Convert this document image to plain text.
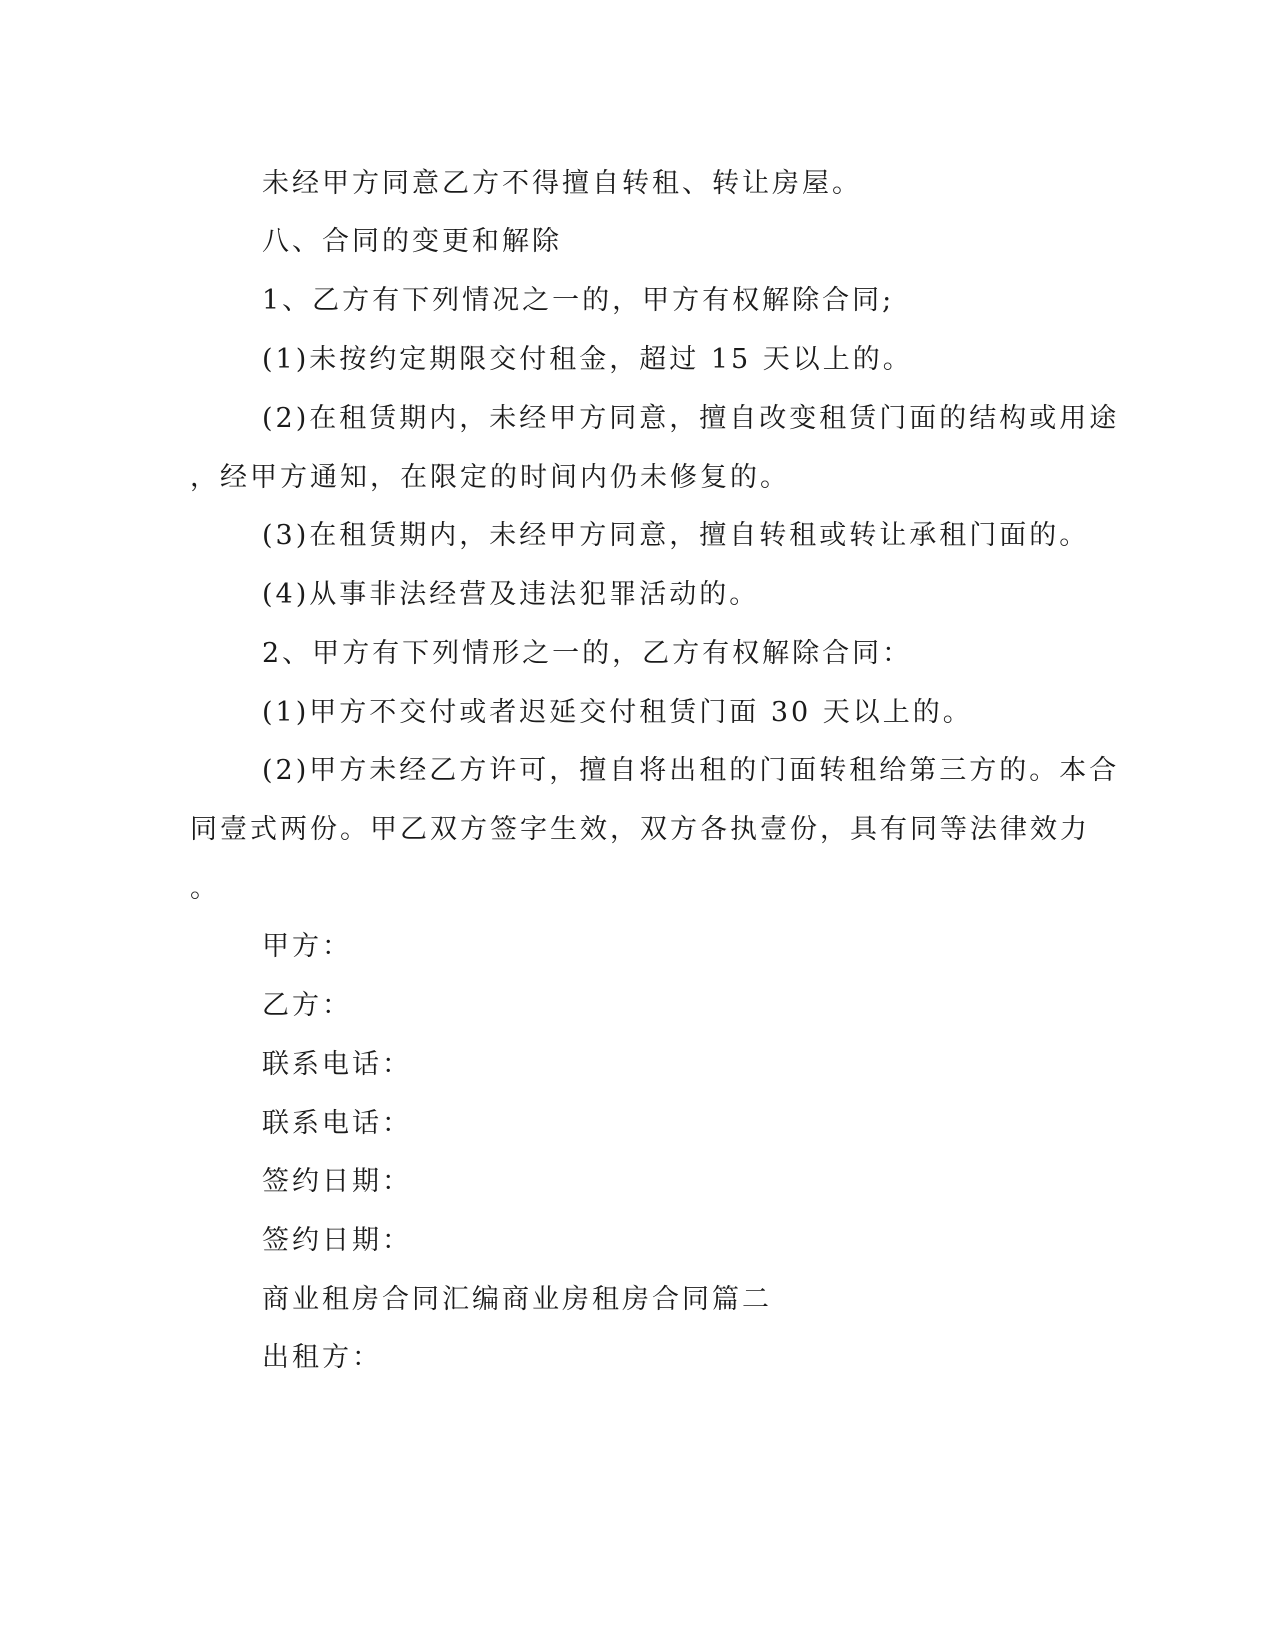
未经甲方同意乙方不得擅自转租、转让房屋。
八、合同的变更和解除
1、乙方有下列情况之一的，甲方有权解除合同;
(1)未按约定期限交付租金，超过 15 天以上的。
(2)在租赁期内，未经甲方同意，擅自改变租赁门面的结构或用途
，经甲方通知，在限定的时间内仍未修复的。
(3)在租赁期内，未经甲方同意，擅自转租或转让承租门面的。
(4)从事非法经营及违法犯罪活动的。
2、甲方有下列情形之一的，乙方有权解除合同：
(1)甲方不交付或者迟延交付租赁门面 30 天以上的。
(2)甲方未经乙方许可，擅自将出租的门面转租给第三方的。本合
同壹式两份。甲乙双方签字生效，双方各执壹份，具有同等法律效力
。
甲方：
乙方：
联系电话：
联系电话：
签约日期：
签约日期：
商业租房合同汇编商业房租房合同篇二
出租方：
